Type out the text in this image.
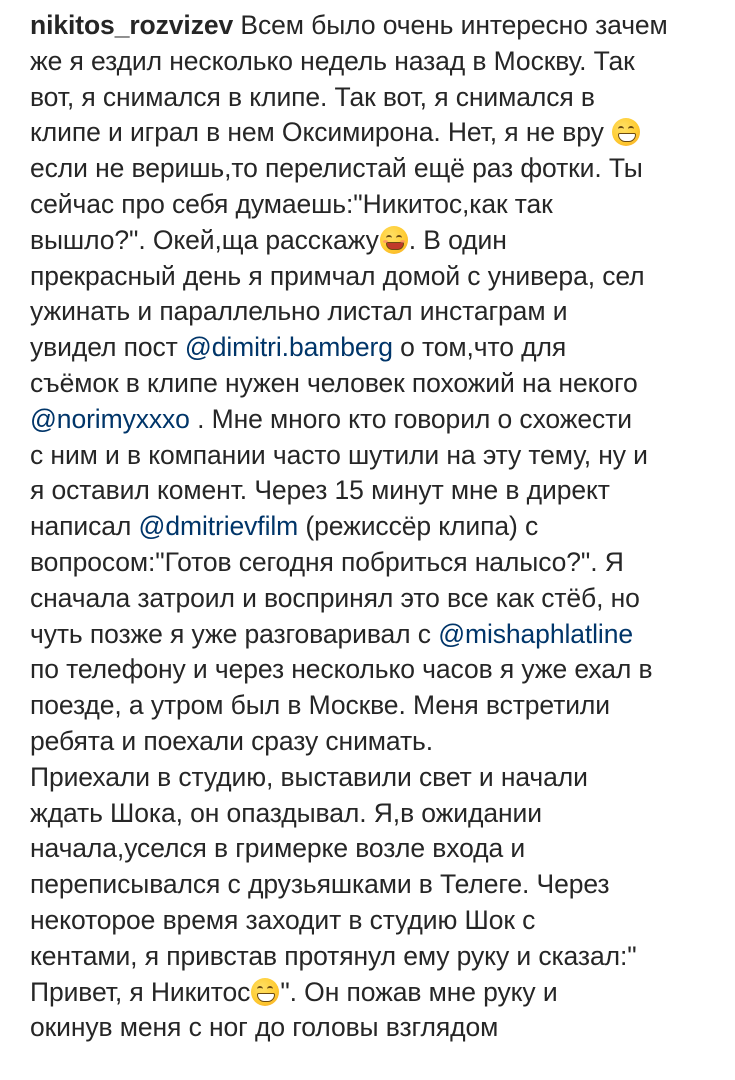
nikitos_rozvizev Всем было очень интересно зачем
же я ездил несколько недель назад в Москву. Так
вот, я снимался в клипе. Так вот, я снимался в
клипе и играл в нем Оксимирона. Нет, я не вру
если не веришь,то перелистай ещё раз фотки. Ты
сейчас про себя думаешь:"Никитос,как так
вышло?". Окей,ща расскажу . В один
прекрасный день я примчал домой с универа, сел
ужинать и параллельно листал инстаграм и
увидел пост @dimitri.bamberg о том,что для
съёмок в клипе нужен человек похожий на некого
@norimyxxxo . Мне много кто говорил о схожести
с ним и в компании часто шутили на эту тему, ну и
я оставил комент. Через 15 минут мне в директ
написал @dmitrievfilm (режиссёр клипа) с
вопросом:"Готов сегодня побриться налысо?". Я
сначала затроил и воспринял это все как стёб, но
чуть позже я уже разговаривал с @mishaphlatline
по телефону и через несколько часов я уже ехал в
поезде, а утром был в Москве. Меня встретили
ребята и поехали сразу снимать.
Приехали в студию, выставили свет и начали
ждать Шока, он опаздывал. Я,в ожидании
начала,уселся в гримерке возле входа и
переписывался с друзьяшками в Телеге. Через
некоторое время заходит в студию Шок с
кентами, я привстав протянул ему руку и сказал:"
Привет, я Никитос ". Он пожав мне руку и
окинув меня с ног до головы взглядом
